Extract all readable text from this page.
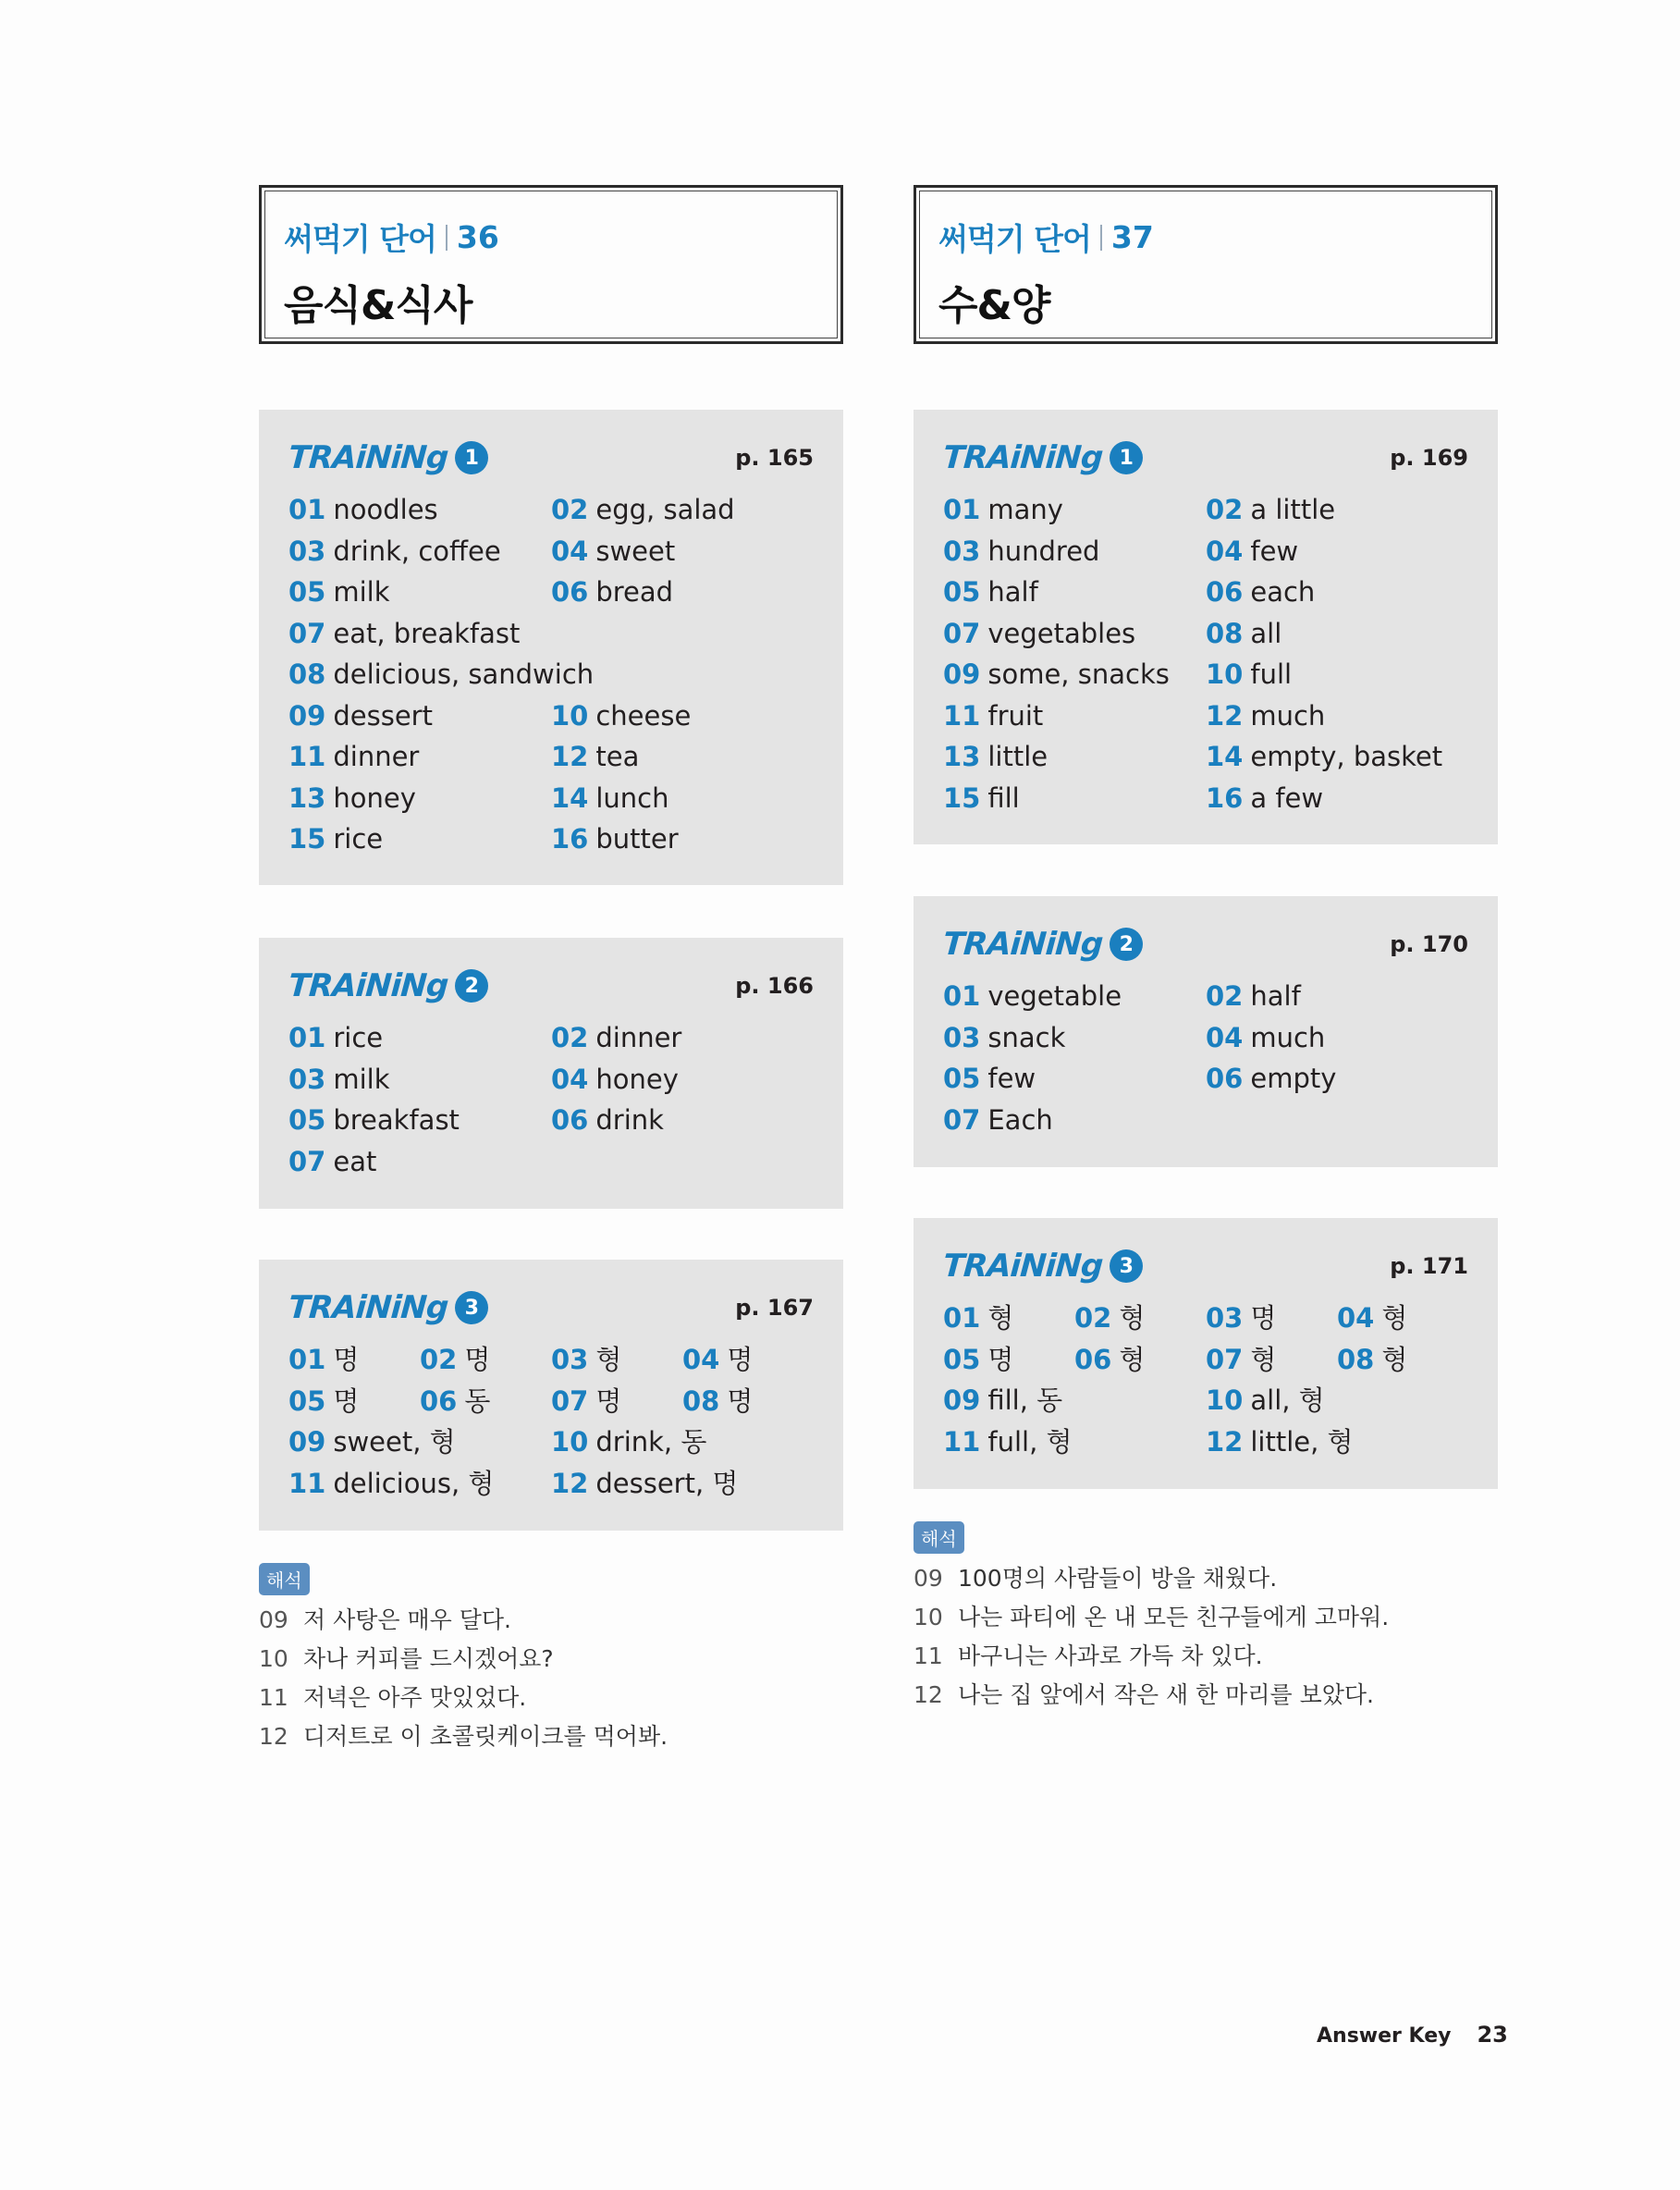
써먹기 단어 36
음식&식사
TRAiNiNg 1	p. 165
01 noodles	02 egg, salad
03 drink, coffee	04 sweet
05 milk	06 bread
07 eat, breakfast
08 delicious, sandwich
09 dessert	10 cheese
11 dinner	12 tea
13 honey	14 lunch
15 rice	16 butter
TRAiNiNg 2	p. 166
01 rice	02 dinner
03 milk	04 honey
05 breakfast	06 drink
07 eat
TRAiNiNg 3	p. 167
01 명	02 명	03 형	04 명
05 명	06 동	07 명	08 명
09 sweet, 형	10 drink, 동
11 delicious, 형	12 dessert, 명
해석
09 저 사탕은 매우 달다.
10 차나 커피를 드시겠어요?
11 저녁은 아주 맛있었다.
12 디저트로 이 초콜릿케이크를 먹어봐.
써먹기 단어 37
수&양
TRAiNiNg 1	p. 169
01 many	02 a little
03 hundred	04 few
05 half	06 each
07 vegetables	08 all
09 some, snacks	10 full
11 fruit	12 much
13 little	14 empty, basket
15 fill	16 a few
TRAiNiNg 2	p. 170
01 vegetable	02 half
03 snack	04 much
05 few	06 empty
07 Each
TRAiNiNg 3	p. 171
01 형	02 형	03 명	04 형
05 명	06 형	07 형	08 형
09 fill, 동	10 all, 형
11 full, 형	12 little, 형
해석
09 100명의 사람들이 방을 채웠다.
10 나는 파티에 온 내 모든 친구들에게 고마워.
11 바구니는 사과로 가득 차 있다.
12 나는 집 앞에서 작은 새 한 마리를 보았다.
Answer Key 23
